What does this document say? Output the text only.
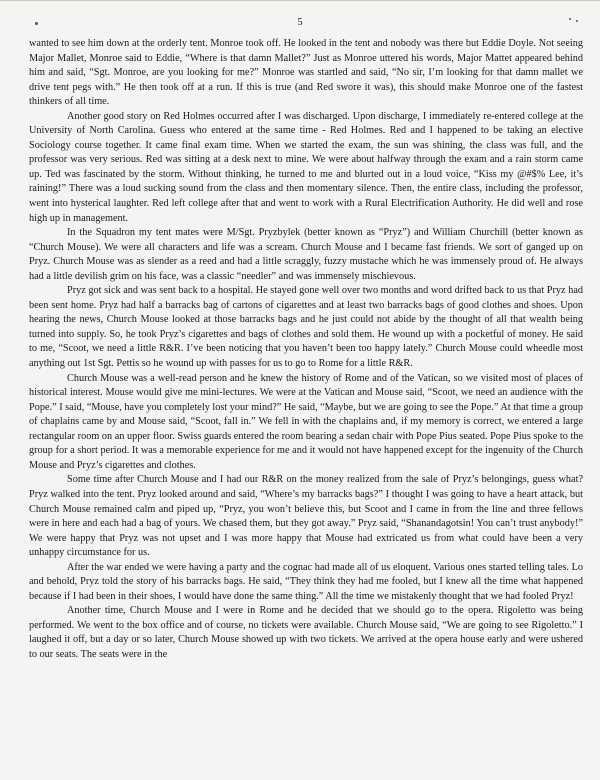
5

wanted to see him down at the orderly tent. Monroe took off. He looked in the tent and nobody was there but Eddie Doyle. Not seeing Major Mallet, Monroe said to Eddie, “Where is that damn Mallet?” Just as Monroe uttered his words, Major Mattet appeared behind him and said, “Sgt. Monroe, are you looking for me?” Monroe was startled and said, “No sir, I’m looking for that damn mallet we drive tent pegs with.” He then took off at a run. If this is true (and Red swore it was), this should make Monroe one of the fastest thinkers of all time.

Another good story on Red Holmes occurred after I was discharged. Upon discharge, I immediately re-entered college at the University of North Carolina. Guess who entered at the same time - Red Holmes. Red and I happened to be taking an elective Sociology course together. It came final exam time. When we started the exam, the sun was shining, the class was full, and the professor was very serious. Red was sitting at a desk next to mine. We were about halfway through the exam and a rain storm came up. Ted was fascinated by the storm. Without thinking, he turned to me and blurted out in a loud voice, “Kiss my @#$% Lee, it’s raining!” There was a loud sucking sound from the class and then momentary silence. Then, the entire class, including the professor, went into hysterical laughter. Red left college after that and went to work with a Rural Electrification Authority. He did well and rose high up in management.

In the Squadron my tent mates were M/Sgt. Pryzbylek (better known as “Pryz”) and William Churchill (better known as “Church Mouse). We were all characters and life was a scream. Church Mouse and I became fast friends. We sort of ganged up on Pryz. Church Mouse was as slender as a reed and had a little scraggly, fuzzy mustache which he was immensely proud of. He always had a little devilish grim on his face, was a classic “needler” and was immensely mischievous.

Pryz got sick and was sent back to a hospital. He stayed gone well over two months and word drifted back to us that Pryz had been sent home. Pryz had half a barracks bag of cartons of cigarettes and at least two barracks bags of good clothes and shoes. Upon hearing the news, Church Mouse looked at those barracks bags and he just could not abide by the thought of all that wealth being turned into supply. So, he took Pryz’s cigarettes and bags of clothes and sold them. He wound up with a pocketful of money. He said to me, “Scoot, we need a little R&R. I’ve been noticing that you haven’t been too happy lately.” Church Mouse could wheedle most anything out 1st Sgt. Pettis so he wound up with passes for us to go to Rome for a little R&R.

Church Mouse was a well-read person and he knew the history of Rome and of the Vatican, so we visited most of places of historical interest. Mouse would give me mini-lectures. We were at the Vatican and Mouse said, “Scoot, we need an audience with the Pope.” I said, “Mouse, have you completely lost your mind?” He said, “Maybe, but we are going to see the Pope.” At that time a group of chaplains came by and Mouse said, “Scoot, fall in.” We fell in with the chaplains and, if my memory is correct, we entered a large rectangular room on an upper floor. Swiss guards entered the room bearing a sedan chair with Pope Pius seated. Pope Pius spoke to the group for a short period. It was a memorable experience for me and it would not have happened except for the ingenuity of the Church Mouse and Pryz’s cigarettes and clothes.

Some time after Church Mouse and I had our R&R on the money realized from the sale of Pryz’s belongings, guess what? Pryz walked into the tent. Pryz looked around and said, “Where’s my barracks bags?” I thought I was going to have a heart attack, but Church Mouse remained calm and piped up, “Pryz, you won’t believe this, but Scoot and I came in from the line and three fellows were in here and each had a bag of yours. We chased them, but they got away.” Pryz said, “Shanandagotsin! You can’t trust anybody!” We were happy that Pryz was not upset and I was more happy that Mouse had extricated us from what could have been a very unhappy circumstance for us.

After the war ended we were having a party and the cognac had made all of us eloquent. Various ones started telling tales. Lo and behold, Pryz told the story of his barracks bags. He said, “They think they had me fooled, but I knew all the time what happened because if I had been in their shoes, I would have done the same thing.” All the time we mistakenly thought that we had fooled Pryz!

Another time, Church Mouse and I were in Rome and he decided that we should go to the opera. Rigoletto was being performed. We went to the box office and of course, no tickets were available. Church Mouse said, “We are going to see Rigoletto.” I laughed it off, but a day or so later, Church Mouse showed up with two tickets. We arrived at the opera house early and were ushered to our seats. The seats were in the
